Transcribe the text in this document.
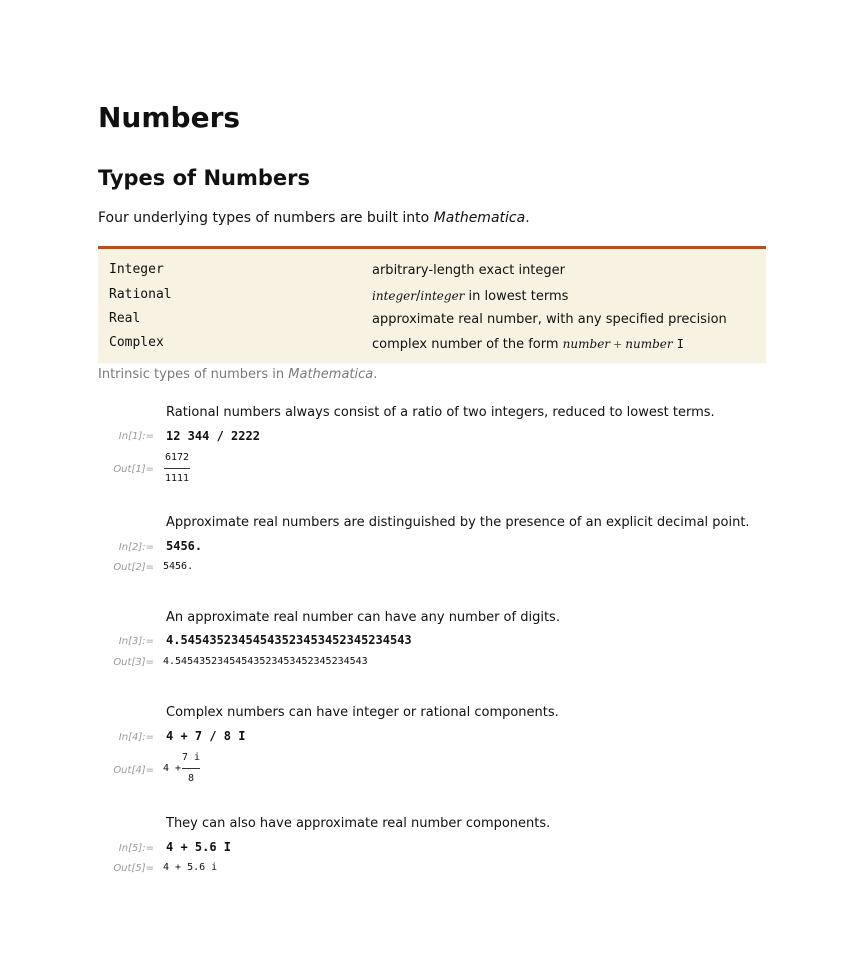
Numbers
Types of Numbers
Four underlying types of numbers are built into Mathematica.
Integer	arbitrary-length exact integer
Rational	integer/integer in lowest terms
Real	approximate real number, with any specified precision
Complex	complex number of the form number + number I
Intrinsic types of numbers in Mathematica.
Rational numbers always consist of a ratio of two integers, reduced to lowest terms.
In[1]:= 12 344 / 2222
Out[1]=
6172
1111
Approximate real numbers are distinguished by the presence of an explicit decimal point.
In[2]:= 5456.
Out[2]= 5456.
An approximate real number can have any number of digits.
In[3]:= 4.54543523454543523453452345234543
Out[3]= 4.54543523454543523453452345234543
Complex numbers can have integer or rational components.
In[4]:= 4 + 7 / 8 I
Out[4]= 4 +
7 i
8
They can also have approximate real number components.
In[5]:= 4 + 5.6 I
Out[5]= 4 + 5.6 i
